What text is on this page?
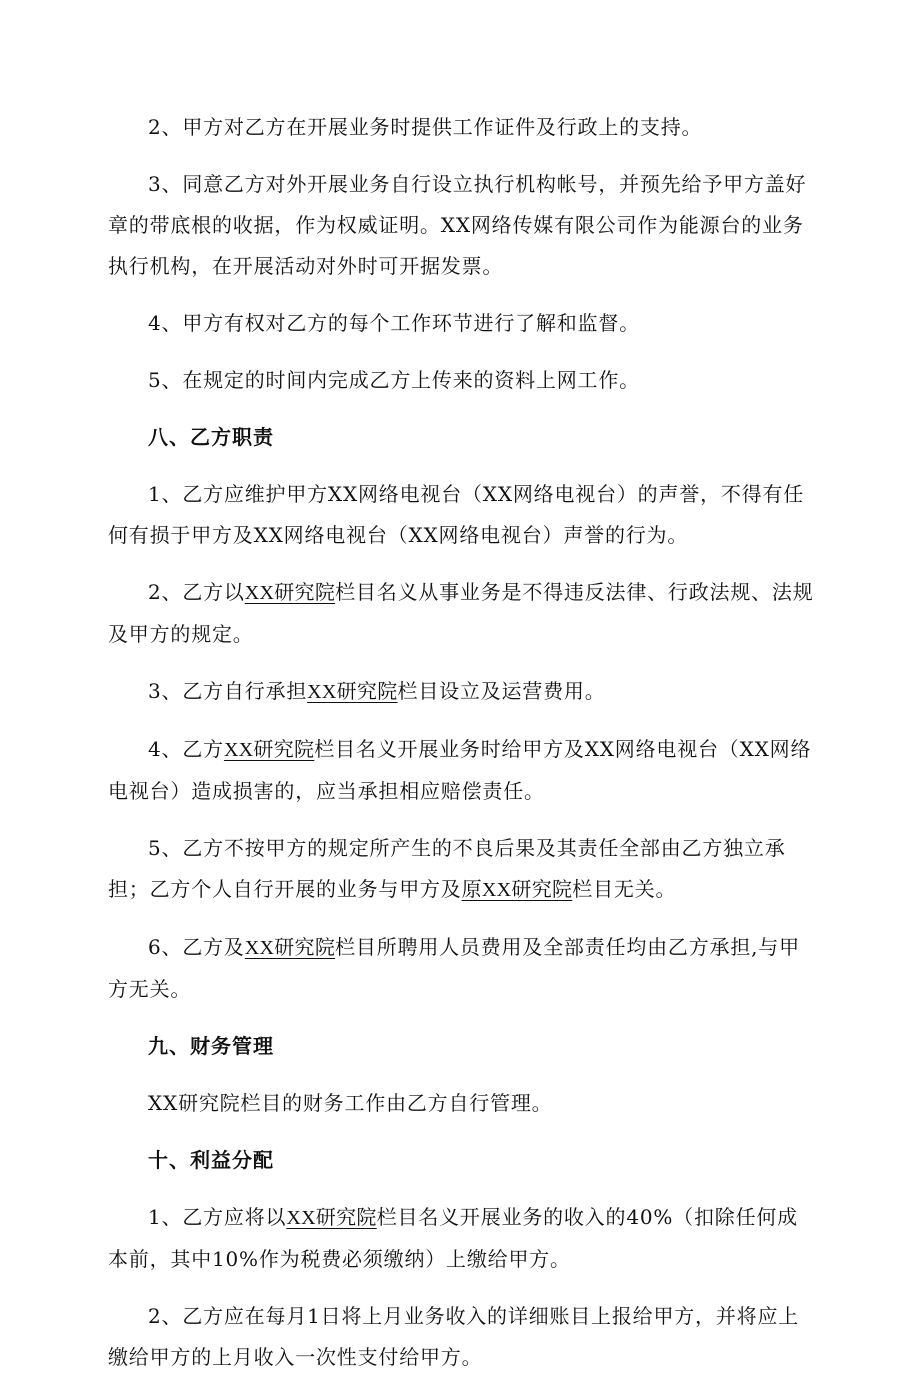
2、甲方对乙方在开展业务时提供工作证件及行政上的支持。

3、同意乙方对外开展业务自行设立执行机构帐号，并预先给予甲方盖好章的带底根的收据，作为权威证明。XX网络传媒有限公司作为能源台的业务执行机构，在开展活动对外时可开据发票。

4、甲方有权对乙方的每个工作环节进行了解和监督。

5、在规定的时间内完成乙方上传来的资料上网工作。

八、乙方职责

1、乙方应维护甲方XX网络电视台（XX网络电视台）的声誉，不得有任何有损于甲方及XX网络电视台（XX网络电视台）声誉的行为。

2、乙方以XX研究院栏目名义从事业务是不得违反法律、行政法规、法规及甲方的规定。

3、乙方自行承担XX研究院栏目设立及运营费用。

4、乙方XX研究院栏目名义开展业务时给甲方及XX网络电视台（XX网络电视台）造成损害的，应当承担相应赔偿责任。

5、乙方不按甲方的规定所产生的不良后果及其责任全部由乙方独立承担；乙方个人自行开展的业务与甲方及原XX研究院栏目无关。

6、乙方及XX研究院栏目所聘用人员费用及全部责任均由乙方承担,与甲方无关。

九、财务管理

XX研究院栏目的财务工作由乙方自行管理。

十、利益分配

1、乙方应将以XX研究院栏目名义开展业务的收入的40%（扣除任何成本前，其中10%作为税费必须缴纳）上缴给甲方。

2、乙方应在每月1日将上月业务收入的详细账目上报给甲方，并将应上缴给甲方的上月收入一次性支付给甲方。
